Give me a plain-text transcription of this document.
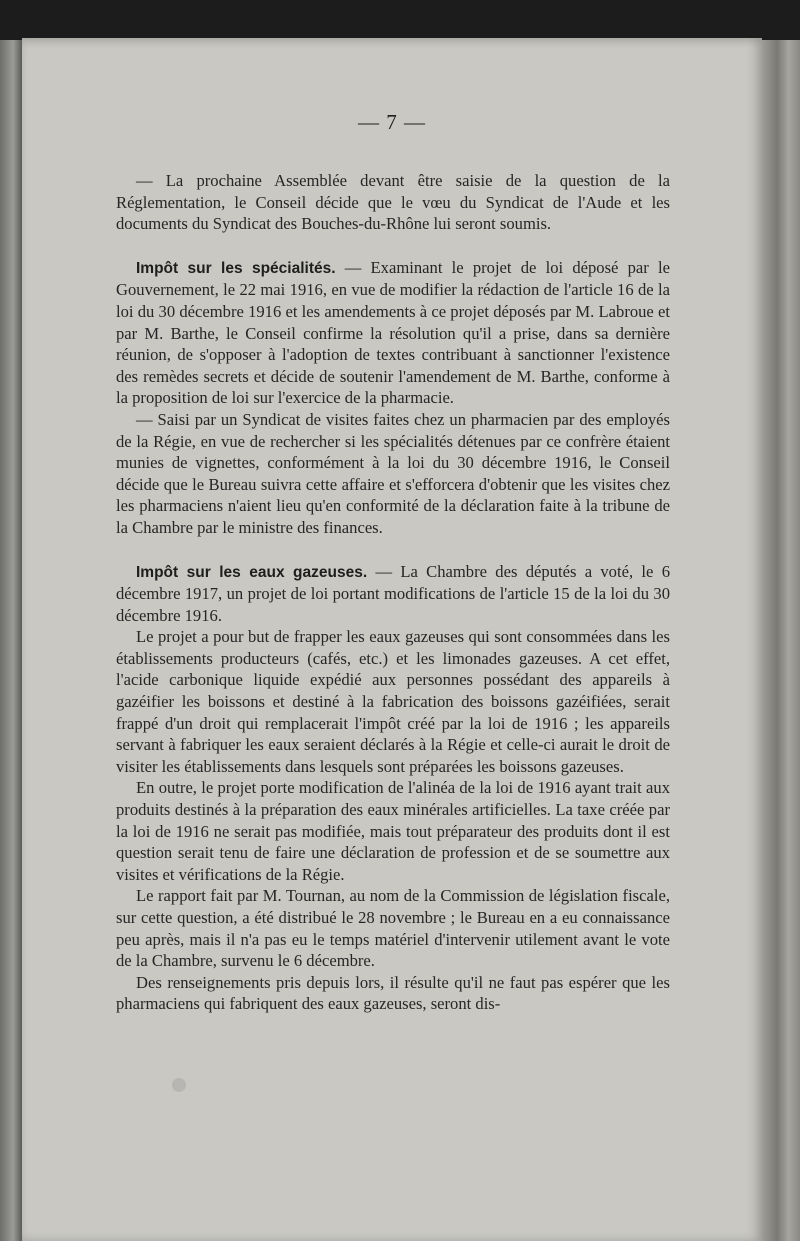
— 7 —

— La prochaine Assemblée devant être saisie de la question de la Réglementation, le Conseil décide que le vœu du Syndicat de l'Aude et les documents du Syndicat des Bouches-du-Rhône lui seront soumis.

Impôt sur les spécialités. — Examinant le projet de loi déposé par le Gouvernement, le 22 mai 1916, en vue de modifier la rédaction de l'article 16 de la loi du 30 décembre 1916 et les amendements à ce projet déposés par M. Labroue et par M. Barthe, le Conseil confirme la résolution qu'il a prise, dans sa dernière réunion, de s'opposer à l'adoption de textes contribuant à sanctionner l'existence des remèdes secrets et décide de soutenir l'amendement de M. Barthe, conforme à la proposition de loi sur l'exercice de la pharmacie.

— Saisi par un Syndicat de visites faites chez un pharmacien par des employés de la Régie, en vue de rechercher si les spécialités détenues par ce confrère étaient munies de vignettes, conformément à la loi du 30 décembre 1916, le Conseil décide que le Bureau suivra cette affaire et s'efforcera d'obtenir que les visites chez les pharmaciens n'aient lieu qu'en conformité de la déclaration faite à la tribune de la Chambre par le ministre des finances.

Impôt sur les eaux gazeuses. — La Chambre des députés a voté, le 6 décembre 1917, un projet de loi portant modifications de l'article 15 de la loi du 30 décembre 1916.

Le projet a pour but de frapper les eaux gazeuses qui sont consommées dans les établissements producteurs (cafés, etc.) et les limonades gazeuses. A cet effet, l'acide carbonique liquide expédié aux personnes possédant des appareils à gazéifier les boissons et destiné à la fabrication des boissons gazéifiées, serait frappé d'un droit qui remplacerait l'impôt créé par la loi de 1916 ; les appareils servant à fabriquer les eaux seraient déclarés à la Régie et celle-ci aurait le droit de visiter les établissements dans lesquels sont préparées les boissons gazeuses.

En outre, le projet porte modification de l'alinéa de la loi de 1916 ayant trait aux produits destinés à la préparation des eaux minérales artificielles. La taxe créée par la loi de 1916 ne serait pas modifiée, mais tout préparateur des produits dont il est question serait tenu de faire une déclaration de profession et de se soumettre aux visites et vérifications de la Régie.

Le rapport fait par M. Tournan, au nom de la Commission de législation fiscale, sur cette question, a été distribué le 28 novembre ; le Bureau en a eu connaissance peu après, mais il n'a pas eu le temps matériel d'intervenir utilement avant le vote de la Chambre, survenu le 6 décembre.

Des renseignements pris depuis lors, il résulte qu'il ne faut pas espérer que les pharmaciens qui fabriquent des eaux gazeuses, seront dis-
